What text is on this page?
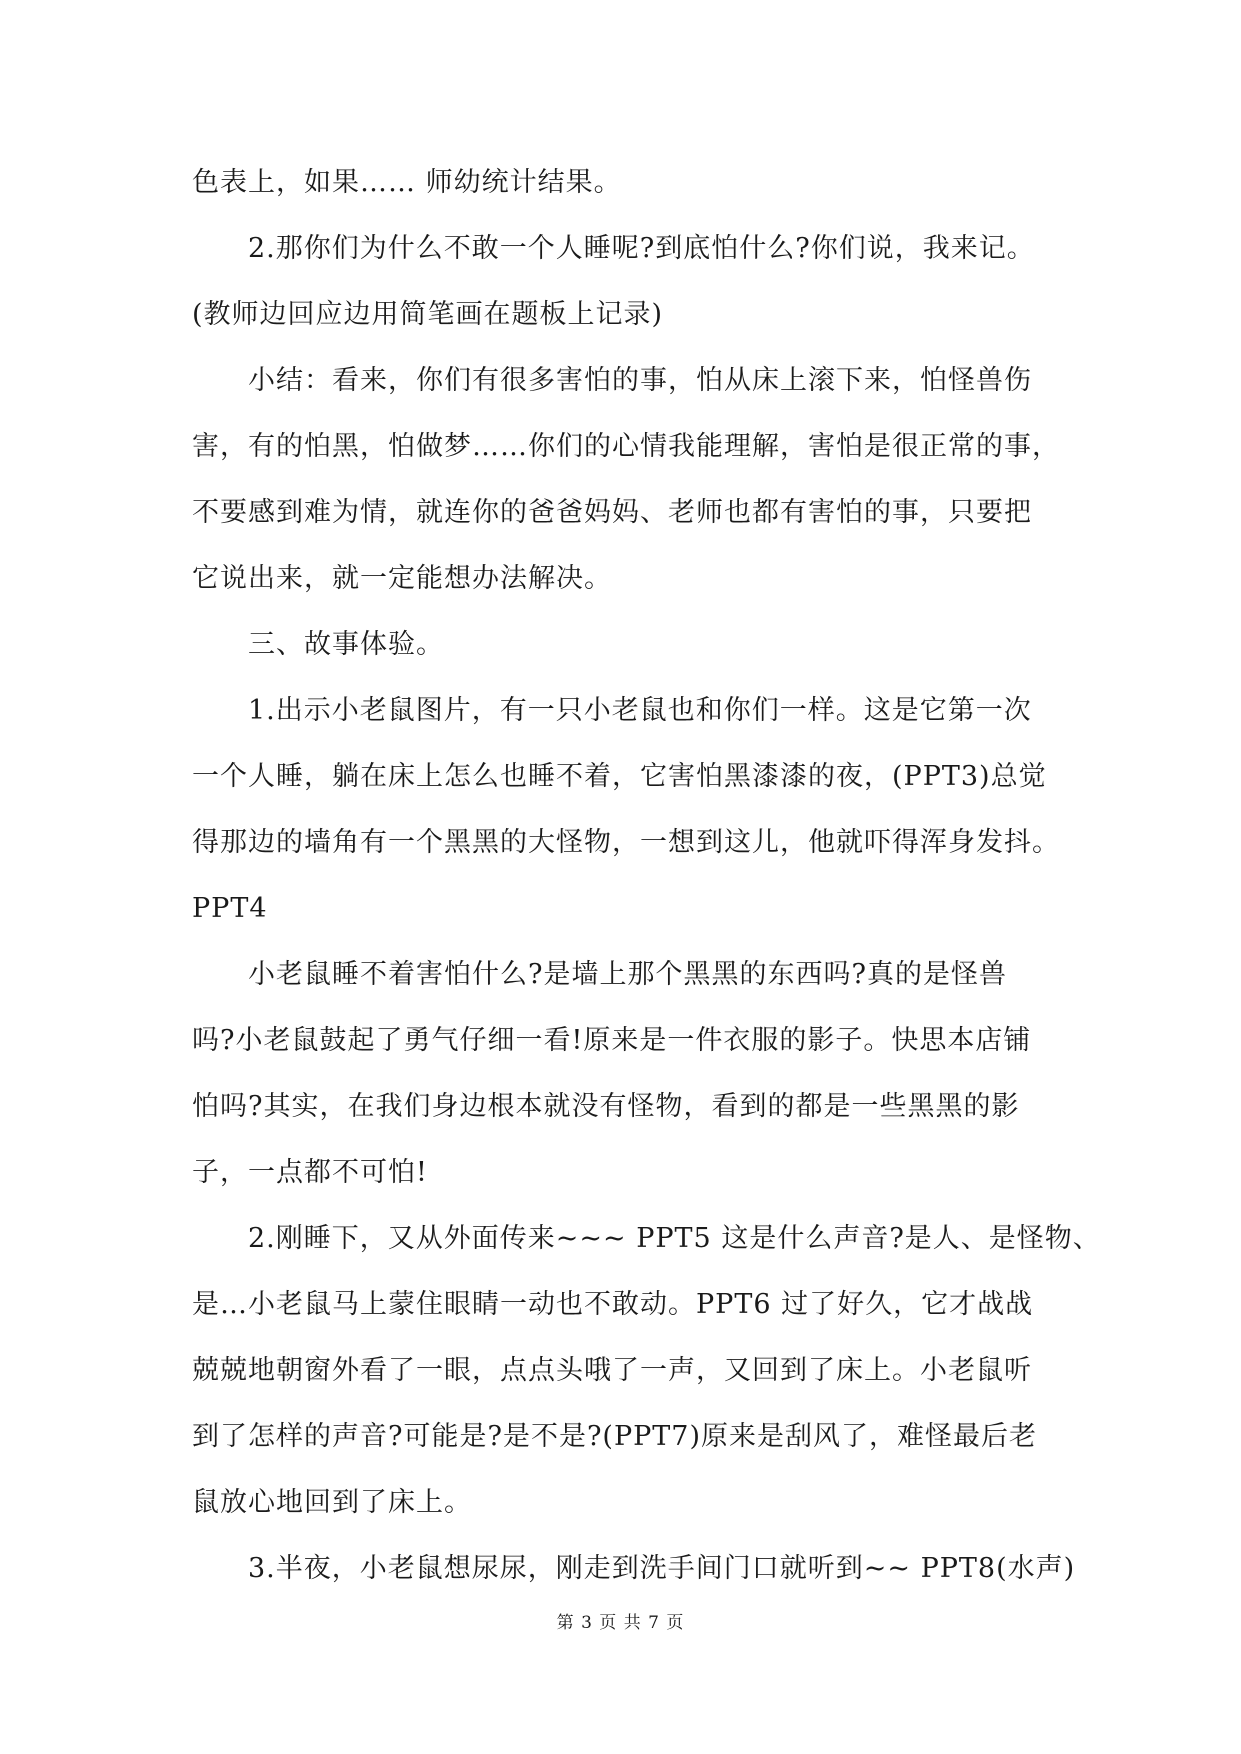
色表上，如果…… 师幼统计结果。
2.那你们为什么不敢一个人睡呢?到底怕什么?你们说，我来记。
(教师边回应边用简笔画在题板上记录)
小结：看来，你们有很多害怕的事，怕从床上滚下来，怕怪兽伤
害，有的怕黑，怕做梦……你们的心情我能理解，害怕是很正常的事，
不要感到难为情，就连你的爸爸妈妈、老师也都有害怕的事，只要把
它说出来，就一定能想办法解决。
三、故事体验。
1.出示小老鼠图片，有一只小老鼠也和你们一样。这是它第一次
一个人睡，躺在床上怎么也睡不着，它害怕黑漆漆的夜，(PPT3)总觉
得那边的墙角有一个黑黑的大怪物，一想到这儿，他就吓得浑身发抖。
PPT4
小老鼠睡不着害怕什么?是墙上那个黑黑的东西吗?真的是怪兽
吗?小老鼠鼓起了勇气仔细一看!原来是一件衣服的影子。快思本店铺
怕吗?其实，在我们身边根本就没有怪物，看到的都是一些黑黑的影
子，一点都不可怕!
2.刚睡下，又从外面传来~~~ PPT5 这是什么声音?是人、是怪物、
是…小老鼠马上蒙住眼睛一动也不敢动。PPT6 过了好久，它才战战
兢兢地朝窗外看了一眼，点点头哦了一声，又回到了床上。小老鼠听
到了怎样的声音?可能是?是不是?(PPT7)原来是刮风了，难怪最后老
鼠放心地回到了床上。
3.半夜，小老鼠想尿尿，刚走到洗手间门口就听到~~ PPT8(水声)
第 3 页 共 7 页
